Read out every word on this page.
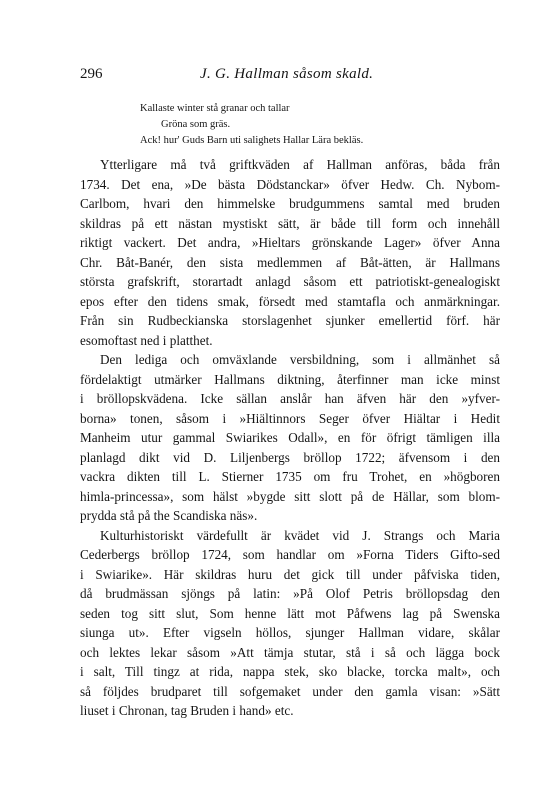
296	J. G. Hallman såsom skald.
Kallaste winter stå granar och tallar
Gröna som gräs.
Ack! hur' Guds Barn uti salighets Hallar Lära bekläs.
Ytterligare må två griftkväden af Hallman anföras, båda från
1734. Det ena, »De bästa Dödstanckar» öfver Hedw. Ch. Nybom-
Carlbom, hvari den himmelske brudgummens samtal med bruden
skildras på ett nästan mystiskt sätt, är både till form och innehåll
riktigt vackert. Det andra, »Hieltars grönskande Lager» öfver Anna
Chr. Båt-Banér, den sista medlemmen af Båt-ätten, är Hallmans
största grafskrift, storartadt anlagd såsom ett patriotiskt-genealogiskt
epos efter den tidens smak, försedt med stamtafla och anmärkningar.
Från sin Rudbeckianska storslagenhet sjunker emellertid förf. här
esomoftast ned i platthet.
Den lediga och omväxlande versbildning, som i allmänhet så
fördelaktigt utmärker Hallmans diktning, återfinner man icke minst
i bröllopskvädena. Icke sällan anslår han äfven här den »yfver-
borna» tonen, såsom i »Hiältinnors Seger öfver Hiältar i Hedit
Manheim utur gammal Swiarikes Odall», en för öfrigt tämligen illa
planlagd dikt vid D. Liljenbergs bröllop 1722; äfvensom i den
vackra dikten till L. Stierner 1735 om fru Trohet, en »högboren
himla-princessa», som hälst »bygde sitt slott på de Hällar, som blom-
prydda stå på the Scandiska näs».
Kulturhistoriskt värdefullt är kvädet vid J. Strangs och Maria
Cederbergs bröllop 1724, som handlar om »Forna Tiders Gifto-sed
i Swiarike». Här skildras huru det gick till under påfviska tiden,
då brudmässan sjöngs på latin: »På Olof Petris bröllopsdag den
seden tog sitt slut, Som henne lätt mot Påfwens lag på Swenska
siunga ut». Efter vigseln höllos, sjunger Hallman vidare, skålar
och lektes lekar såsom »Att tämja stutar, stå i så och lägga bock
i salt, Till tingz at rida, nappa stek, sko blacke, torcka malt», och
så följdes brudparet till sofgemaket under den gamla visan: »Sätt
liuset i Chronan, tag Bruden i hand» etc.
